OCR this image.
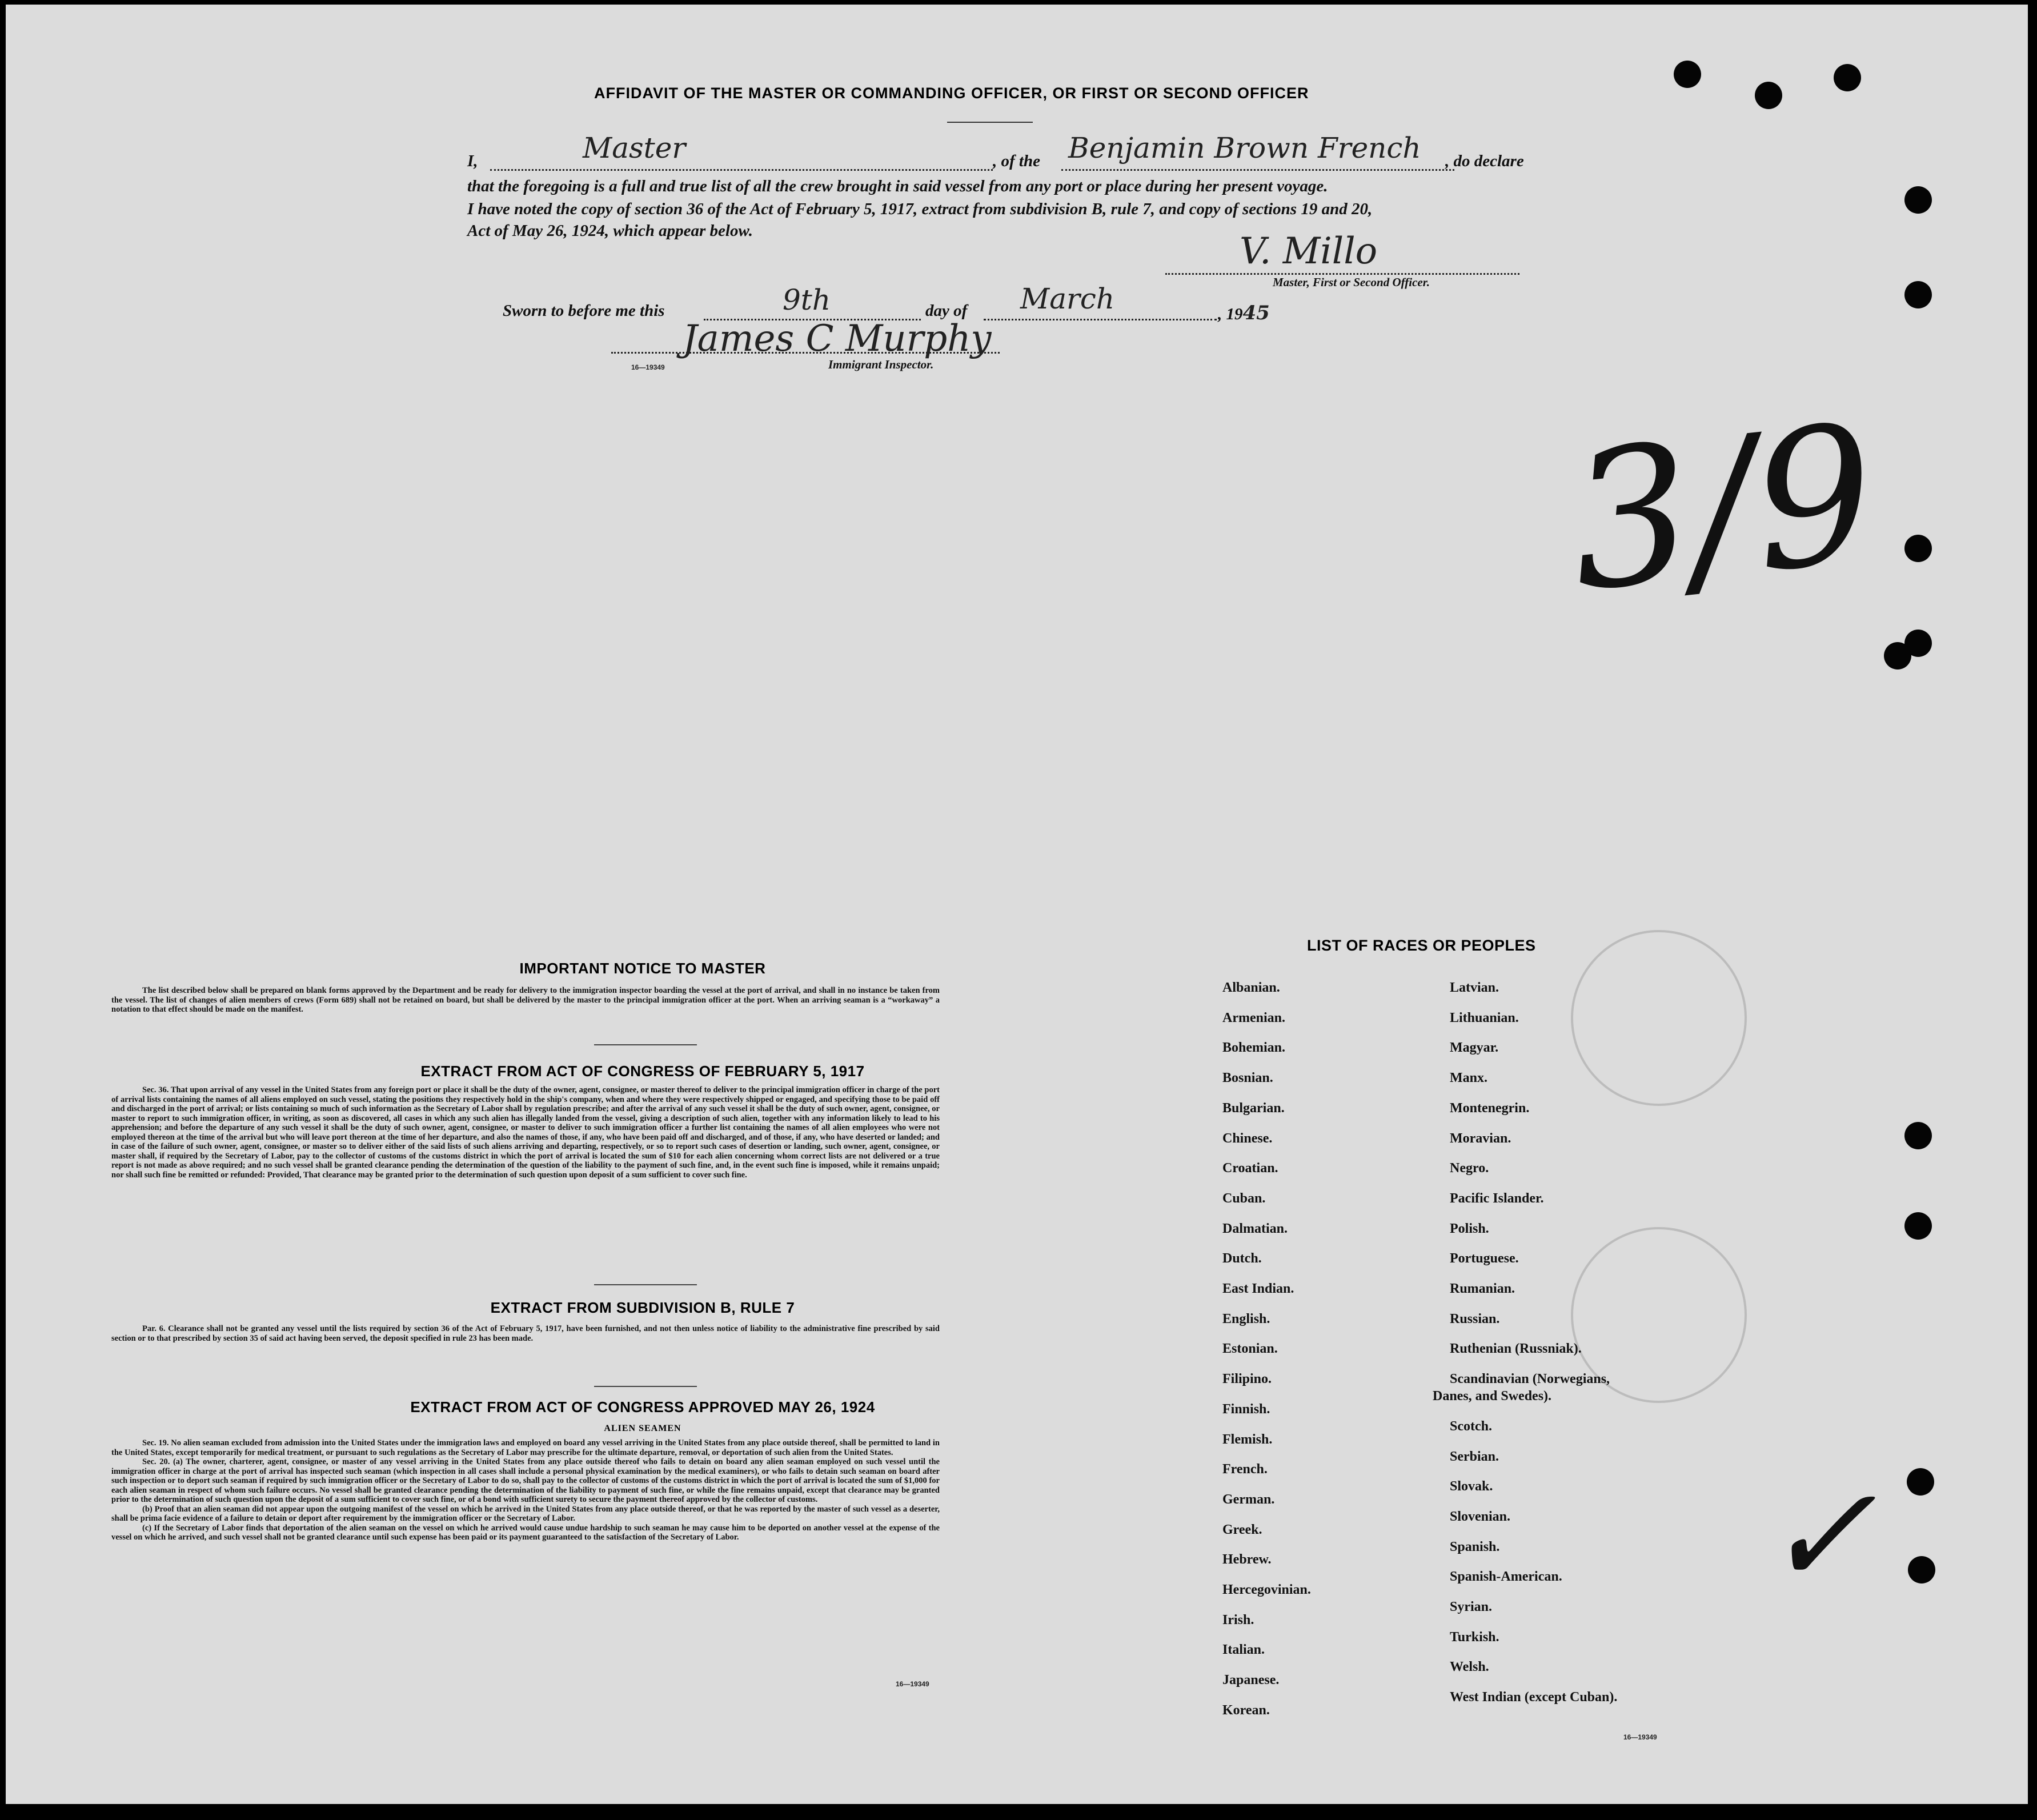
AFFIDAVIT OF THE MASTER OR COMMANDING OFFICER, OR FIRST OR SECOND OFFICER
I,	Master	, of the Benjamin Brown French , do declare
that the foregoing is a full and true list of all the crew brought in said vessel from any port or place during her present voyage.
I have noted the copy of section 36 of the Act of February 5, 1917, extract from subdivision B, rule 7, and copy of sections 19 and 20,
Act of May 26, 1924, which appear below.	V. Millo
Master, First or Second Officer.
Sworn to before me this	9th	day of March	, 1945
James C Murphy
16—19349	Immigrant Inspector.
3/9
✓
IMPORTANT NOTICE TO MASTER

The list described below shall be prepared on blank forms approved by the Department and be ready for delivery to the immigration inspector boarding the vessel at the port of arrival, and shall in no instance be taken from the vessel. The list of changes of alien members of crews (Form 689) shall not be retained on board, but shall be delivered by the master to the principal immigration officer at the port. When an arriving seaman is a “workaway” a notation to that effect should be made on the manifest.

EXTRACT FROM ACT OF CONGRESS OF FEBRUARY 5, 1917

Sec. 36. That upon arrival of any vessel in the United States from any foreign port or place it shall be the duty of the owner, agent, consignee, or master thereof to deliver to the principal immigration officer in charge of the port of arrival lists containing the names of all aliens employed on such vessel, stating the positions they respectively hold in the ship's company, when and where they were respectively shipped or engaged, and specifying those to be paid off and discharged in the port of arrival; or lists containing so much of such information as the Secretary of Labor shall by regulation prescribe; and after the arrival of any such vessel it shall be the duty of such owner, agent, consignee, or master to report to such immigration officer, in writing, as soon as discovered, all cases in which any such alien has illegally landed from the vessel, giving a description of such alien, together with any information likely to lead to his apprehension; and before the departure of any such vessel it shall be the duty of such owner, agent, consignee, or master to deliver to such immigration officer a further list containing the names of all alien employees who were not employed thereon at the time of the arrival but who will leave port thereon at the time of her departure, and also the names of those, if any, who have been paid off and discharged, and of those, if any, who have deserted or landed; and in case of the failure of such owner, agent, consignee, or master so to deliver either of the said lists of such aliens arriving and departing, respectively, or so to report such cases of desertion or landing, such owner, agent, consignee, or master shall, if required by the Secretary of Labor, pay to the collector of customs of the customs district in which the port of arrival is located the sum of $10 for each alien concerning whom correct lists are not delivered or a true report is not made as above required; and no such vessel shall be granted clearance pending the determination of the question of the liability to the payment of such fine, and, in the event such fine is imposed, while it remains unpaid; nor shall such fine be remitted or refunded: Provided, That clearance may be granted prior to the determination of such question upon deposit of a sum sufficient to cover such fine.

EXTRACT FROM SUBDIVISION B, RULE 7

Par. 6. Clearance shall not be granted any vessel until the lists required by section 36 of the Act of February 5, 1917, have been furnished, and not then unless notice of liability to the administrative fine prescribed by said section or to that prescribed by section 35 of said act having been served, the deposit specified in rule 23 has been made.

EXTRACT FROM ACT OF CONGRESS APPROVED MAY 26, 1924
ALIEN SEAMEN

Sec. 19. No alien seaman excluded from admission into the United States under the immigration laws and employed on board any vessel arriving in the United States from any place outside thereof, shall be permitted to land in the United States, except temporarily for medical treatment, or pursuant to such regulations as the Secretary of Labor may prescribe for the ultimate departure, removal, or deportation of such alien from the United States.

Sec. 20. (a) The owner, charterer, agent, consignee, or master of any vessel arriving in the United States from any place outside thereof who fails to detain on board any alien seaman employed on such vessel until the immigration officer in charge at the port of arrival has inspected such seaman (which inspection in all cases shall include a personal physical examination by the medical examiners), or who fails to detain such seaman on board after such inspection or to deport such seaman if required by such immigration officer or the Secretary of Labor to do so, shall pay to the collector of customs of the customs district in which the port of arrival is located the sum of $1,000 for each alien seaman in respect of whom such failure occurs. No vessel shall be granted clearance pending the determination of the liability to payment of such fine, or while the fine remains unpaid, except that clearance may be granted prior to the determination of such question upon the deposit of a sum sufficient to cover such fine, or of a bond with sufficient surety to secure the payment thereof approved by the collector of customs.

(b) Proof that an alien seaman did not appear upon the outgoing manifest of the vessel on which he arrived in the United States from any place outside thereof, or that he was reported by the master of such vessel as a deserter, shall be prima facie evidence of a failure to detain or deport after requirement by the immigration officer or the Secretary of Labor.

(c) If the Secretary of Labor finds that deportation of the alien seaman on the vessel on which he arrived would cause undue hardship to such seaman he may cause him to be deported on another vessel at the expense of the vessel on which he arrived, and such vessel shall not be granted clearance until such expense has been paid or its payment guaranteed to the satisfaction of the Secretary of Labor.

16—19349
LIST OF RACES OR PEOPLES
Albanian.
Armenian.
Bohemian.
Bosnian.
Bulgarian.
Chinese.
Croatian.
Cuban.
Dalmatian.
Dutch.
East Indian.
English.
Estonian.
Filipino.
Finnish.
Flemish.
French.
German.
Greek.
Hebrew.
Hercegovinian.
Irish.
Italian.
Japanese.
Korean.
Latvian.
Lithuanian.
Magyar.
Manx.
Montenegrin.
Moravian.
Negro.
Pacific Islander.
Polish.
Portuguese.
Rumanian.
Russian.
Ruthenian (Russniak).
Scandinavian (Norwegians,
Danes, and Swedes).
Scotch.
Serbian.
Slovak.
Slovenian.
Spanish.
Spanish-American.
Syrian.
Turkish.
Welsh.
West Indian (except Cuban).
16—19349
